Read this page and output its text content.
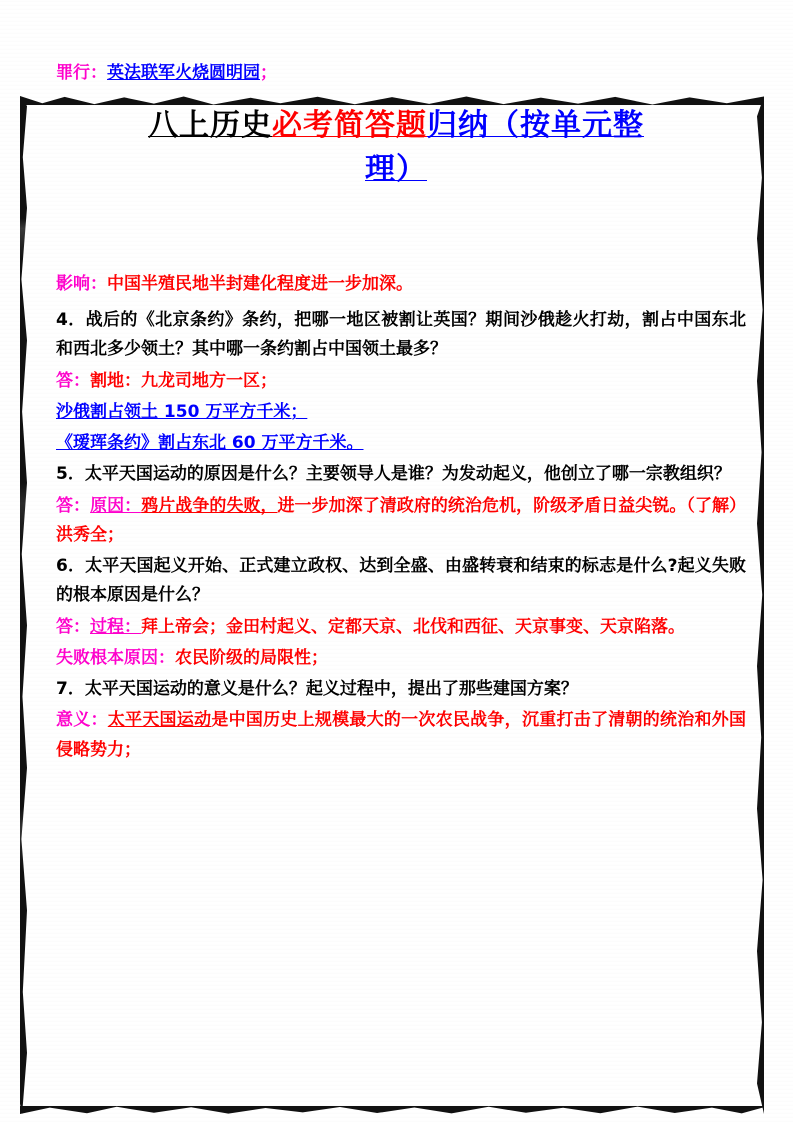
罪行：英法联军火烧圆明园；
八上历史必考简答题归纳（按单元整
理）
影响：中国半殖民地半封建化程度进一步加深。
4．战后的《北京条约》条约，把哪一地区被割让英国？期间沙俄趁火打劫，割占中国东北和西北多少领土？其中哪一条约割占中国领土最多？
答：割地：九龙司地方一区；
沙俄割占领土 150 万平方千米；
《瑷珲条约》割占东北 60 万平方千米。
5．太平天国运动的原因是什么？主要领导人是谁？为发动起义，他创立了哪一宗教组织？
答：原因：鸦片战争的失败，进一步加深了清政府的统治危机，阶级矛盾日益尖锐。（了解）洪秀全；
6．太平天国起义开始、正式建立政权、达到全盛、由盛转衰和结束的标志是什么?起义失败的根本原因是什么？
答：过程：拜上帝会；金田村起义、定都天京、北伐和西征、天京事变、天京陷落。
失败根本原因：农民阶级的局限性；
7．太平天国运动的意义是什么？起义过程中，提出了那些建国方案？
意义：太平天国运动是中国历史上规模最大的一次农民战争，沉重打击了清朝的统治和外国侵略势力；
